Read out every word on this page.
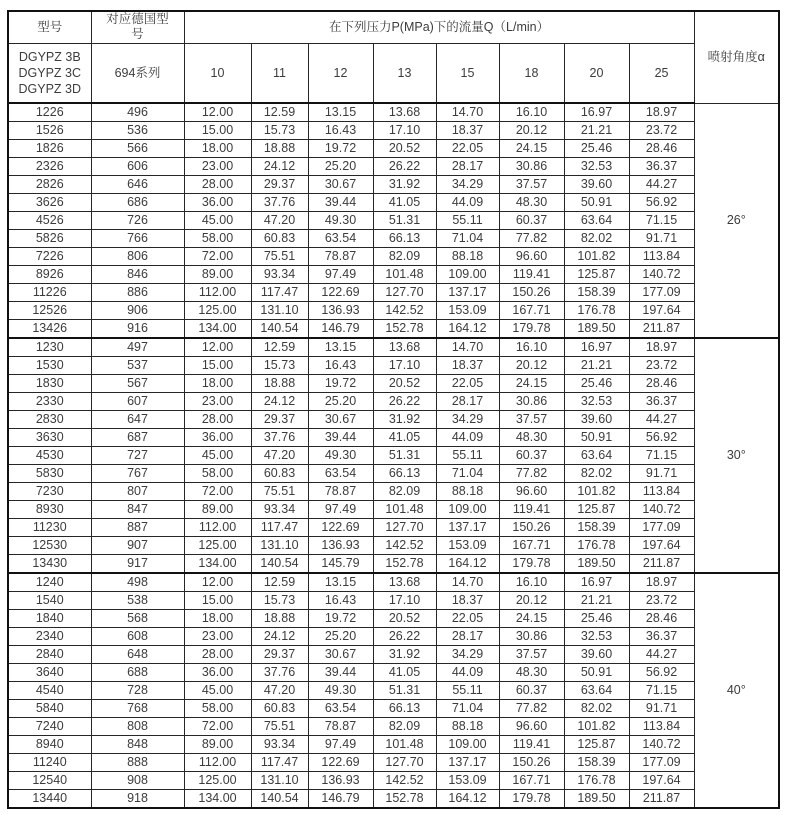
型号	对应德国型号	在下列压力P(MPa)下的流量Q（L/min）								喷射角度α

DGYPZ 3B
DGYPZ 3C
DGYPZ 3D	694系列	10	11	12	13	15	18	20	25	
1226	496	12.00	12.59	13.15	13.68	14.70	16.10	16.97	18.97	26°
1526	536	15.00	15.73	16.43	17.10	18.37	20.12	21.21	23.72	
1826	566	18.00	18.88	19.72	20.52	22.05	24.15	25.46	28.46	
2326	606	23.00	24.12	25.20	26.22	28.17	30.86	32.53	36.37	
2826	646	28.00	29.37	30.67	31.92	34.29	37.57	39.60	44.27	
3626	686	36.00	37.76	39.44	41.05	44.09	48.30	50.91	56.92	
4526	726	45.00	47.20	49.30	51.31	55.11	60.37	63.64	71.15	
5826	766	58.00	60.83	63.54	66.13	71.04	77.82	82.02	91.71	
7226	806	72.00	75.51	78.87	82.09	88.18	96.60	101.82	113.84	
8926	846	89.00	93.34	97.49	101.48	109.00	119.41	125.87	140.72	
11226	886	112.00	117.47	122.69	127.70	137.17	150.26	158.39	177.09	
12526	906	125.00	131.10	136.93	142.52	153.09	167.71	176.78	197.64	
13426	916	134.00	140.54	146.79	152.78	164.12	179.78	189.50	211.87	
1230	497	12.00	12.59	13.15	13.68	14.70	16.10	16.97	18.97	30°
1530	537	15.00	15.73	16.43	17.10	18.37	20.12	21.21	23.72	
1830	567	18.00	18.88	19.72	20.52	22.05	24.15	25.46	28.46	
2330	607	23.00	24.12	25.20	26.22	28.17	30.86	32.53	36.37	
2830	647	28.00	29.37	30.67	31.92	34.29	37.57	39.60	44.27	
3630	687	36.00	37.76	39.44	41.05	44.09	48.30	50.91	56.92	
4530	727	45.00	47.20	49.30	51.31	55.11	60.37	63.64	71.15	
5830	767	58.00	60.83	63.54	66.13	71.04	77.82	82.02	91.71	
7230	807	72.00	75.51	78.87	82.09	88.18	96.60	101.82	113.84	
8930	847	89.00	93.34	97.49	101.48	109.00	119.41	125.87	140.72	
11230	887	112.00	117.47	122.69	127.70	137.17	150.26	158.39	177.09	
12530	907	125.00	131.10	136.93	142.52	153.09	167.71	176.78	197.64	
13430	917	134.00	140.54	145.79	152.78	164.12	179.78	189.50	211.87	
1240	498	12.00	12.59	13.15	13.68	14.70	16.10	16.97	18.97	40°
1540	538	15.00	15.73	16.43	17.10	18.37	20.12	21.21	23.72	
1840	568	18.00	18.88	19.72	20.52	22.05	24.15	25.46	28.46	
2340	608	23.00	24.12	25.20	26.22	28.17	30.86	32.53	36.37	
2840	648	28.00	29.37	30.67	31.92	34.29	37.57	39.60	44.27	
3640	688	36.00	37.76	39.44	41.05	44.09	48.30	50.91	56.92	
4540	728	45.00	47.20	49.30	51.31	55.11	60.37	63.64	71.15	
5840	768	58.00	60.83	63.54	66.13	71.04	77.82	82.02	91.71	
7240	808	72.00	75.51	78.87	82.09	88.18	96.60	101.82	113.84	
8940	848	89.00	93.34	97.49	101.48	109.00	119.41	125.87	140.72	
11240	888	112.00	117.47	122.69	127.70	137.17	150.26	158.39	177.09	
12540	908	125.00	131.10	136.93	142.52	153.09	167.71	176.78	197.64	
13440	918	134.00	140.54	146.79	152.78	164.12	179.78	189.50	211.87	
